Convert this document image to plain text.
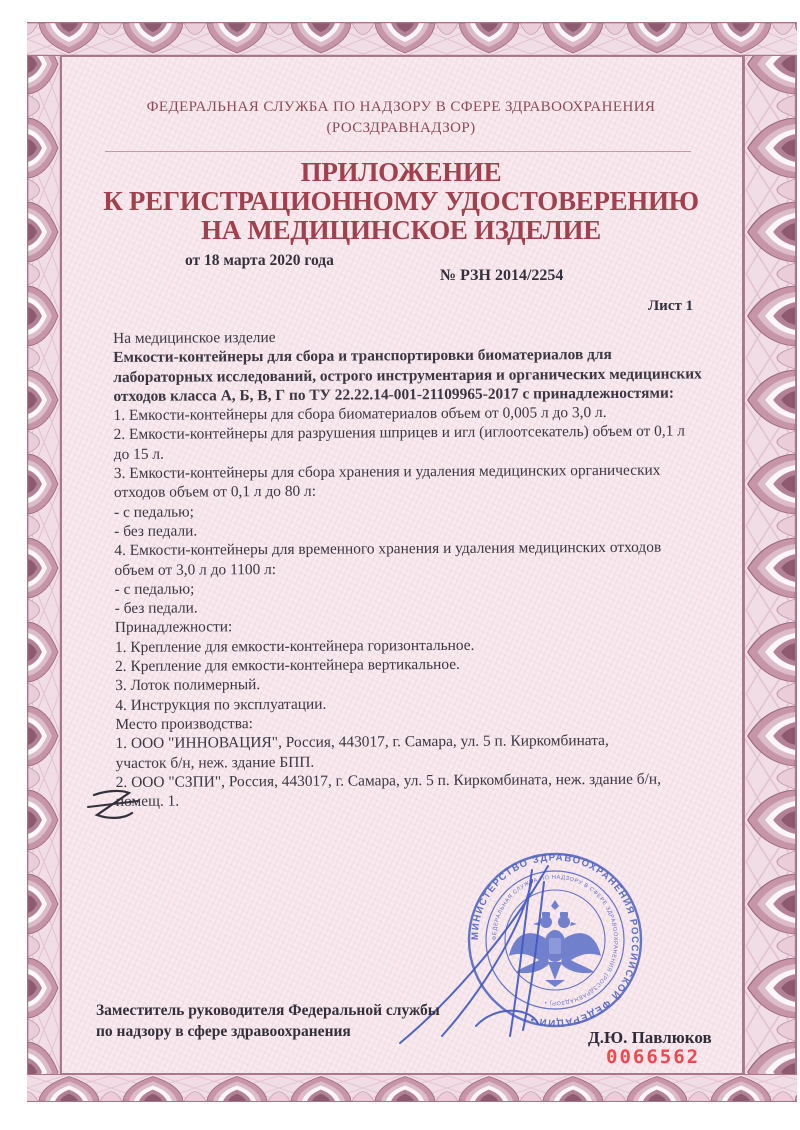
ФЕДЕРАЛЬНАЯ СЛУЖБА ПО НАДЗОРУ В СФЕРЕ ЗДРАВООХРАНЕНИЯ
(РОСЗДРАВНАДЗОР)
ПРИЛОЖЕНИЕ
К РЕГИСТРАЦИОННОМУ УДОСТОВЕРЕНИЮ
НА МЕДИЦИНСКОЕ ИЗДЕЛИЕ
от 18 марта 2020 года
№ РЗН 2014/2254
Лист 1
На медицинское изделие
Емкости-контейнеры для сбора и транспортировки биоматериалов для
лабораторных исследований, острого инструментария и органических медицинских
отходов класса А, Б, В, Г по ТУ 22.22.14-001-21109965-2017 с принадлежностями:
1. Емкости-контейнеры для сбора биоматериалов объем от 0,005 л до 3,0 л.
2. Емкости-контейнеры для разрушения шприцев и игл (иглоотсекатель) объем от 0,1 л
до 15 л.
3. Емкости-контейнеры для сбора хранения и удаления медицинских органических
отходов объем от 0,1 л до 80 л:
- с педалью;
- без педали.
4. Емкости-контейнеры для временного хранения и удаления медицинских отходов
объем от 3,0 л до 1100 л:
- с педалью;
- без педали.
Принадлежности:
1. Крепление для емкости-контейнера горизонтальное.
2. Крепление для емкости-контейнера вертикальное.
3. Лоток полимерный.
4. Инструкция по эксплуатации.
Место производства:
1. ООО "ИННОВАЦИЯ", Россия, 443017, г. Самара, ул. 5 п. Киркомбината,
участок б/н, неж. здание БПП.
2. ООО "СЗПИ", Россия, 443017, г. Самара, ул. 5 п. Киркомбината, неж. здание б/н,
помещ. 1.
МИНИСТЕРСТВО ЗДРАВООХРАНЕНИЯ РОССИЙСКОЙ ФЕДЕРАЦИИ •
ФЕДЕРАЛЬНАЯ СЛУЖБА ПО НАДЗОРУ В СФЕРЕ ЗДРАВООХРАНЕНИЯ (РОСЗДРАВНАДЗОР) •
Заместитель руководителя Федеральной службы
по надзору в сфере здравоохранения	Д.Ю. Павлюков
0066562
